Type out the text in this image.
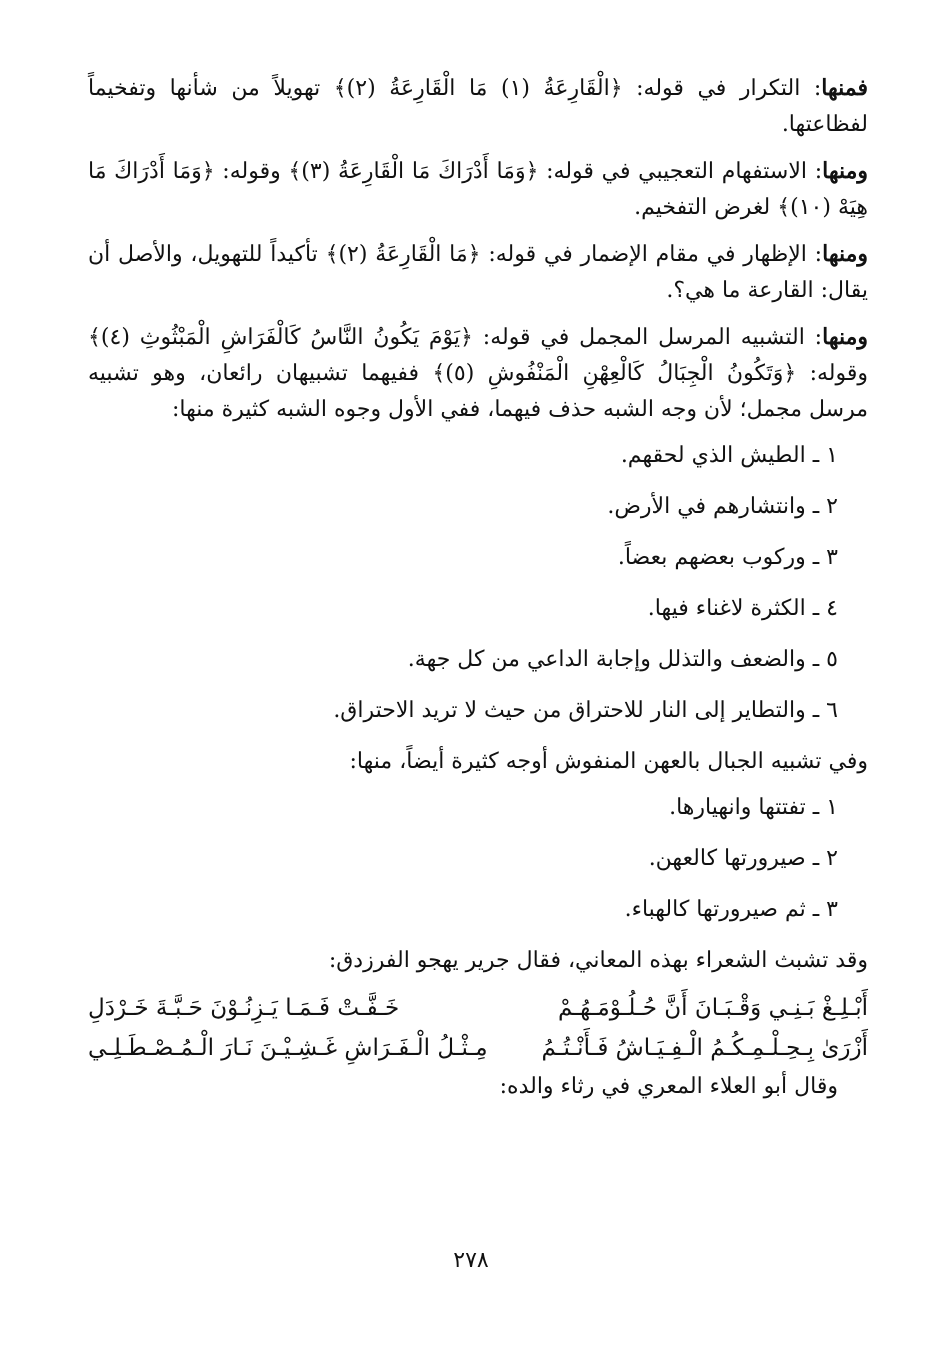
فمنها: التكرار في قوله: ﴿الْقَارِعَةُ (١) مَا الْقَارِعَةُ (٢)﴾ تهويلاً من شأنها وتفخيماً لفظاعتها.

ومنها: الاستفهام التعجيبي في قوله: ﴿وَمَا أَدْرَاكَ مَا الْقَارِعَةُ (٣)﴾ وقوله: ﴿وَمَا أَدْرَاكَ مَا هِيَهْ (١٠)﴾ لغرض التفخيم.

ومنها: الإظهار في مقام الإضمار في قوله: ﴿مَا الْقَارِعَةُ (٢)﴾ تأكيداً للتهويل، والأصل أن يقال: القارعة ما هي؟.

ومنها: التشبيه المرسل المجمل في قوله: ﴿يَوْمَ يَكُونُ النَّاسُ كَالْفَرَاشِ الْمَبْثُوثِ (٤)﴾ وقوله: ﴿وَتَكُونُ الْجِبَالُ كَالْعِهْنِ الْمَنْفُوشِ (٥)﴾ ففيهما تشبيهان رائعان، وهو تشبيه مرسل مجمل؛ لأن وجه الشبه حذف فيهما، ففي الأول وجوه الشبه كثيرة منها:

١ ـ الطيش الذي لحقهم.
٢ ـ وانتشارهم في الأرض.
٣ ـ وركوب بعضهم بعضاً.
٤ ـ الكثرة لاغناء فيها.
٥ ـ والضعف والتذلل وإجابة الداعي من كل جهة.
٦ ـ والتطاير إلى النار للاحتراق من حيث لا تريد الاحتراق.

وفي تشبيه الجبال بالعهن المنفوش أوجه كثيرة أيضاً، منها:

١ ـ تفتتها وانهيارها.
٢ ـ صيرورتها كالعهن.
٣ ـ ثم صيرورتها كالهباء.

وقد تشبث الشعراء بهذه المعاني، فقال جرير يهجو الفرزدق:

أَبْـلِـغْ بَـنِـي وَقْـبَـانَ أَنَّ حُـلُـوْمَـهُـمْ
خَـفَّـتْ فَـمَـا يَـزِنُـوْنَ حَـبَّـةَ خَـرْدَلِ
أَزْرَىٰ بِـحِـلْـمِـكُـمُ الْـفِـيَـاشُ فَـأَنْـتُـمُ
مِـثْـلُ الْـفَـرَاشِ غَـشِـيْـنَ نَـارَ الْـمُـصْـطَـلِـي

وقال أبو العلاء المعري في رثاء والده:

٢٧٨
